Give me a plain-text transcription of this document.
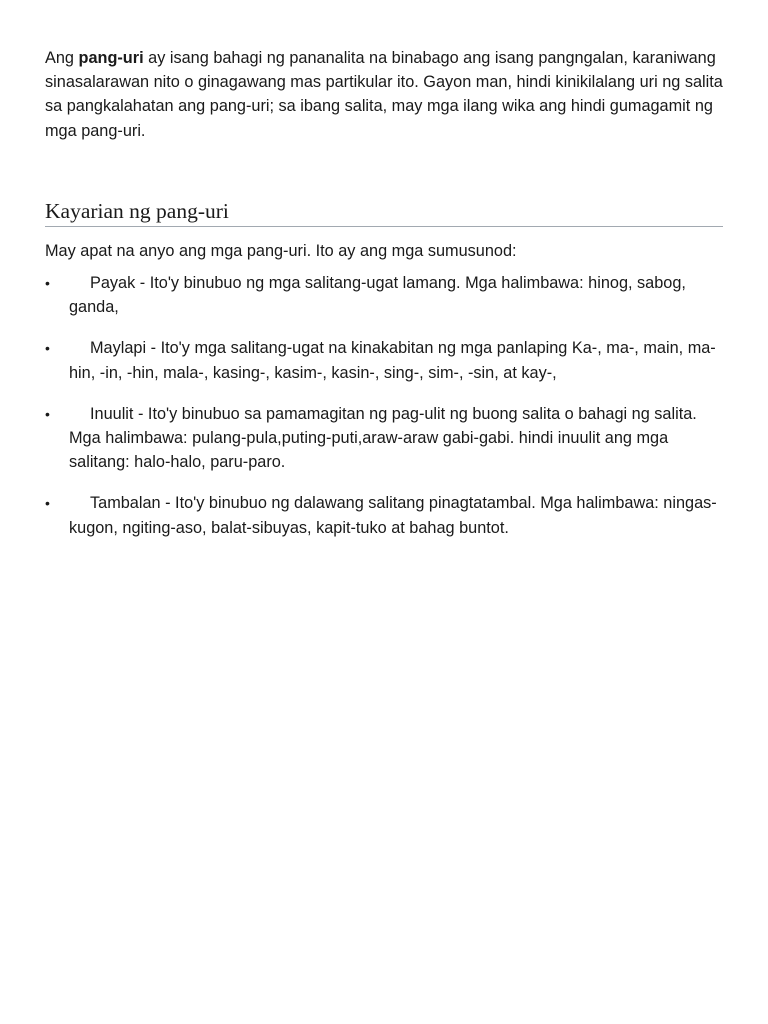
Ang pang-uri ay isang bahagi ng pananalita na binabago ang isang pangngalan, karaniwang sinasalarawan nito o ginagawang mas partikular ito. Gayon man, hindi kinikilalang uri ng salita sa pangkalahatan ang pang-uri; sa ibang salita, may mga ilang wika ang hindi gumagamit ng mga pang-uri.

Kayarian ng pang-uri

May apat na anyo ang mga pang-uri. Ito ay ang mga sumusunod:

•	Payak - Ito'y binubuo ng mga salitang-ugat lamang. Mga halimbawa: hinog, sabog, ganda,
•	Maylapi - Ito'y mga salitang-ugat na kinakabitan ng mga panlaping Ka-, ma-, main, ma-hin, -in, -hin, mala-, kasing-, kasim-, kasin-, sing-, sim-, -sin, at kay-,
•	Inuulit - Ito'y binubuo sa pamamagitan ng pag-ulit ng buong salita o bahagi ng salita. Mga halimbawa: pulang-pula,puting-puti,araw-araw gabi-gabi. hindi inuulit ang mga salitang: halo-halo, paru-paro.
•	Tambalan - Ito'y binubuo ng dalawang salitang pinagtatambal. Mga halimbawa: ningas-kugon, ngiting-aso, balat-sibuyas, kapit-tuko at bahag buntot.
